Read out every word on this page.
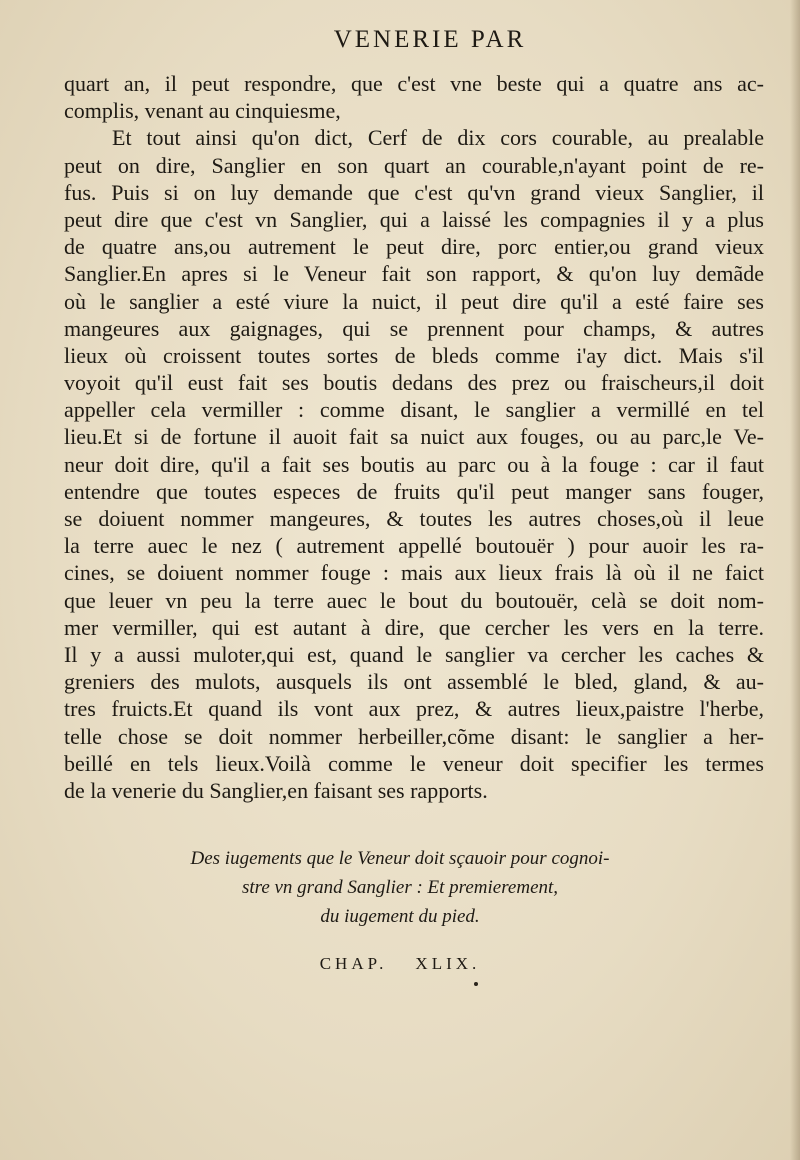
VENERIE PAR
quart an, il peut respondre, que c'est vne beste qui a quatre ans ac-
complis, venant au cinquiesme,
Et tout ainsi qu'on dict, Cerf de dix cors courable, au prealable
peut on dire, Sanglier en son quart an courable,n'ayant point de re-
fus. Puis si on luy demande que c'est qu'vn grand vieux Sanglier, il
peut dire que c'est vn Sanglier, qui a laissé les compagnies il y a plus
de quatre ans,ou autrement le peut dire, porc entier,ou grand vieux
Sanglier.En apres si le Veneur fait son rapport, & qu'on luy demãde
où le sanglier a esté viure la nuict, il peut dire qu'il a esté faire ses
mangeures aux gaignages, qui se prennent pour champs, & autres
lieux où croissent toutes sortes de bleds comme i'ay dict. Mais s'il
voyoit qu'il eust fait ses boutis dedans des prez ou fraischeurs,il doit
appeller cela vermiller : comme disant, le sanglier a vermillé en tel
lieu.Et si de fortune il auoit fait sa nuict aux fouges, ou au parc,le Ve-
neur doit dire, qu'il a fait ses boutis au parc ou à la fouge : car il faut
entendre que toutes especes de fruits qu'il peut manger sans fouger,
se doiuent nommer mangeures, & toutes les autres choses,où il leue
la terre auec le nez ( autrement appellé boutouër ) pour auoir les ra-
cines, se doiuent nommer fouge : mais aux lieux frais là où il ne faict
que leuer vn peu la terre auec le bout du boutouër, celà se doit nom-
mer vermiller, qui est autant à dire, que cercher les vers en la terre.
Il y a aussi muloter,qui est, quand le sanglier va cercher les caches &
greniers des mulots, ausquels ils ont assemblé le bled, gland, & au-
tres fruicts.Et quand ils vont aux prez, & autres lieux,paistre l'herbe,
telle chose se doit nommer herbeiller,cõme disant: le sanglier a her-
beillé en tels lieux.Voilà comme le veneur doit specifier les termes
de la venerie du Sanglier,en faisant ses rapports.
Des iugements que le Veneur doit sçauoir pour cognoi-
stre vn grand Sanglier : Et premierement,
du iugement du pied.
CHAP. XLIX.
